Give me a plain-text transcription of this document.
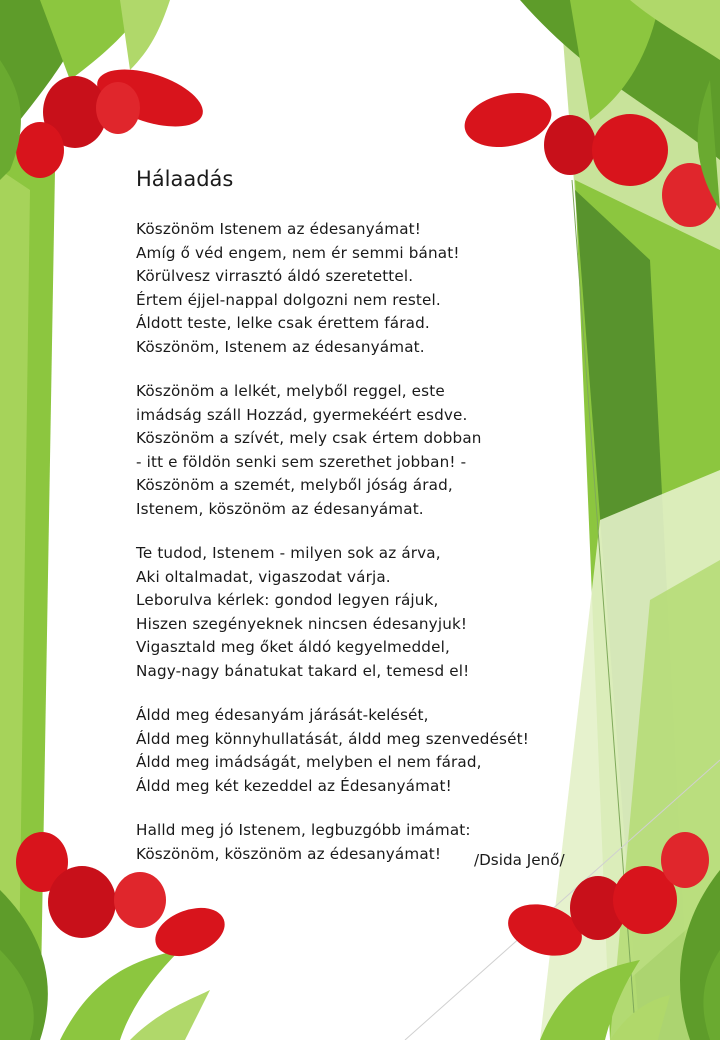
Hálaadás
Köszönöm Istenem az édesanyámat!
Amíg ő véd engem, nem ér semmi bánat!
Körülvesz virrasztó áldó szeretettel.
Értem éjjel-nappal dolgozni nem restel.
Áldott teste, lelke csak érettem fárad.
Köszönöm, Istenem az édesanyámat.
Köszönöm a lelkét, melyből reggel, este
imádság száll Hozzád, gyermekéért esdve.
Köszönöm a szívét, mely csak értem dobban
- itt e földön senki sem szerethet jobban! -
Köszönöm a szemét, melyből jóság árad,
Istenem, köszönöm az édesanyámat.
Te tudod, Istenem - milyen sok az árva,
Aki oltalmadat, vigaszodat várja.
Leborulva kérlek: gondod legyen rájuk,
Hiszen szegényeknek nincsen édesanyjuk!
Vigasztald meg őket áldó kegyelmeddel,
Nagy-nagy bánatukat takard el, temesd el!
Áldd meg édesanyám járását-kelését,
Áldd meg könnyhullatását, áldd meg szenvedését!
Áldd meg imádságát, melyben el nem fárad,
Áldd meg két kezeddel az Édesanyámat!
Halld meg jó Istenem, legbuzgóbb imámat:
Köszönöm, köszönöm az édesanyámat!	/Dsida Jenő/
